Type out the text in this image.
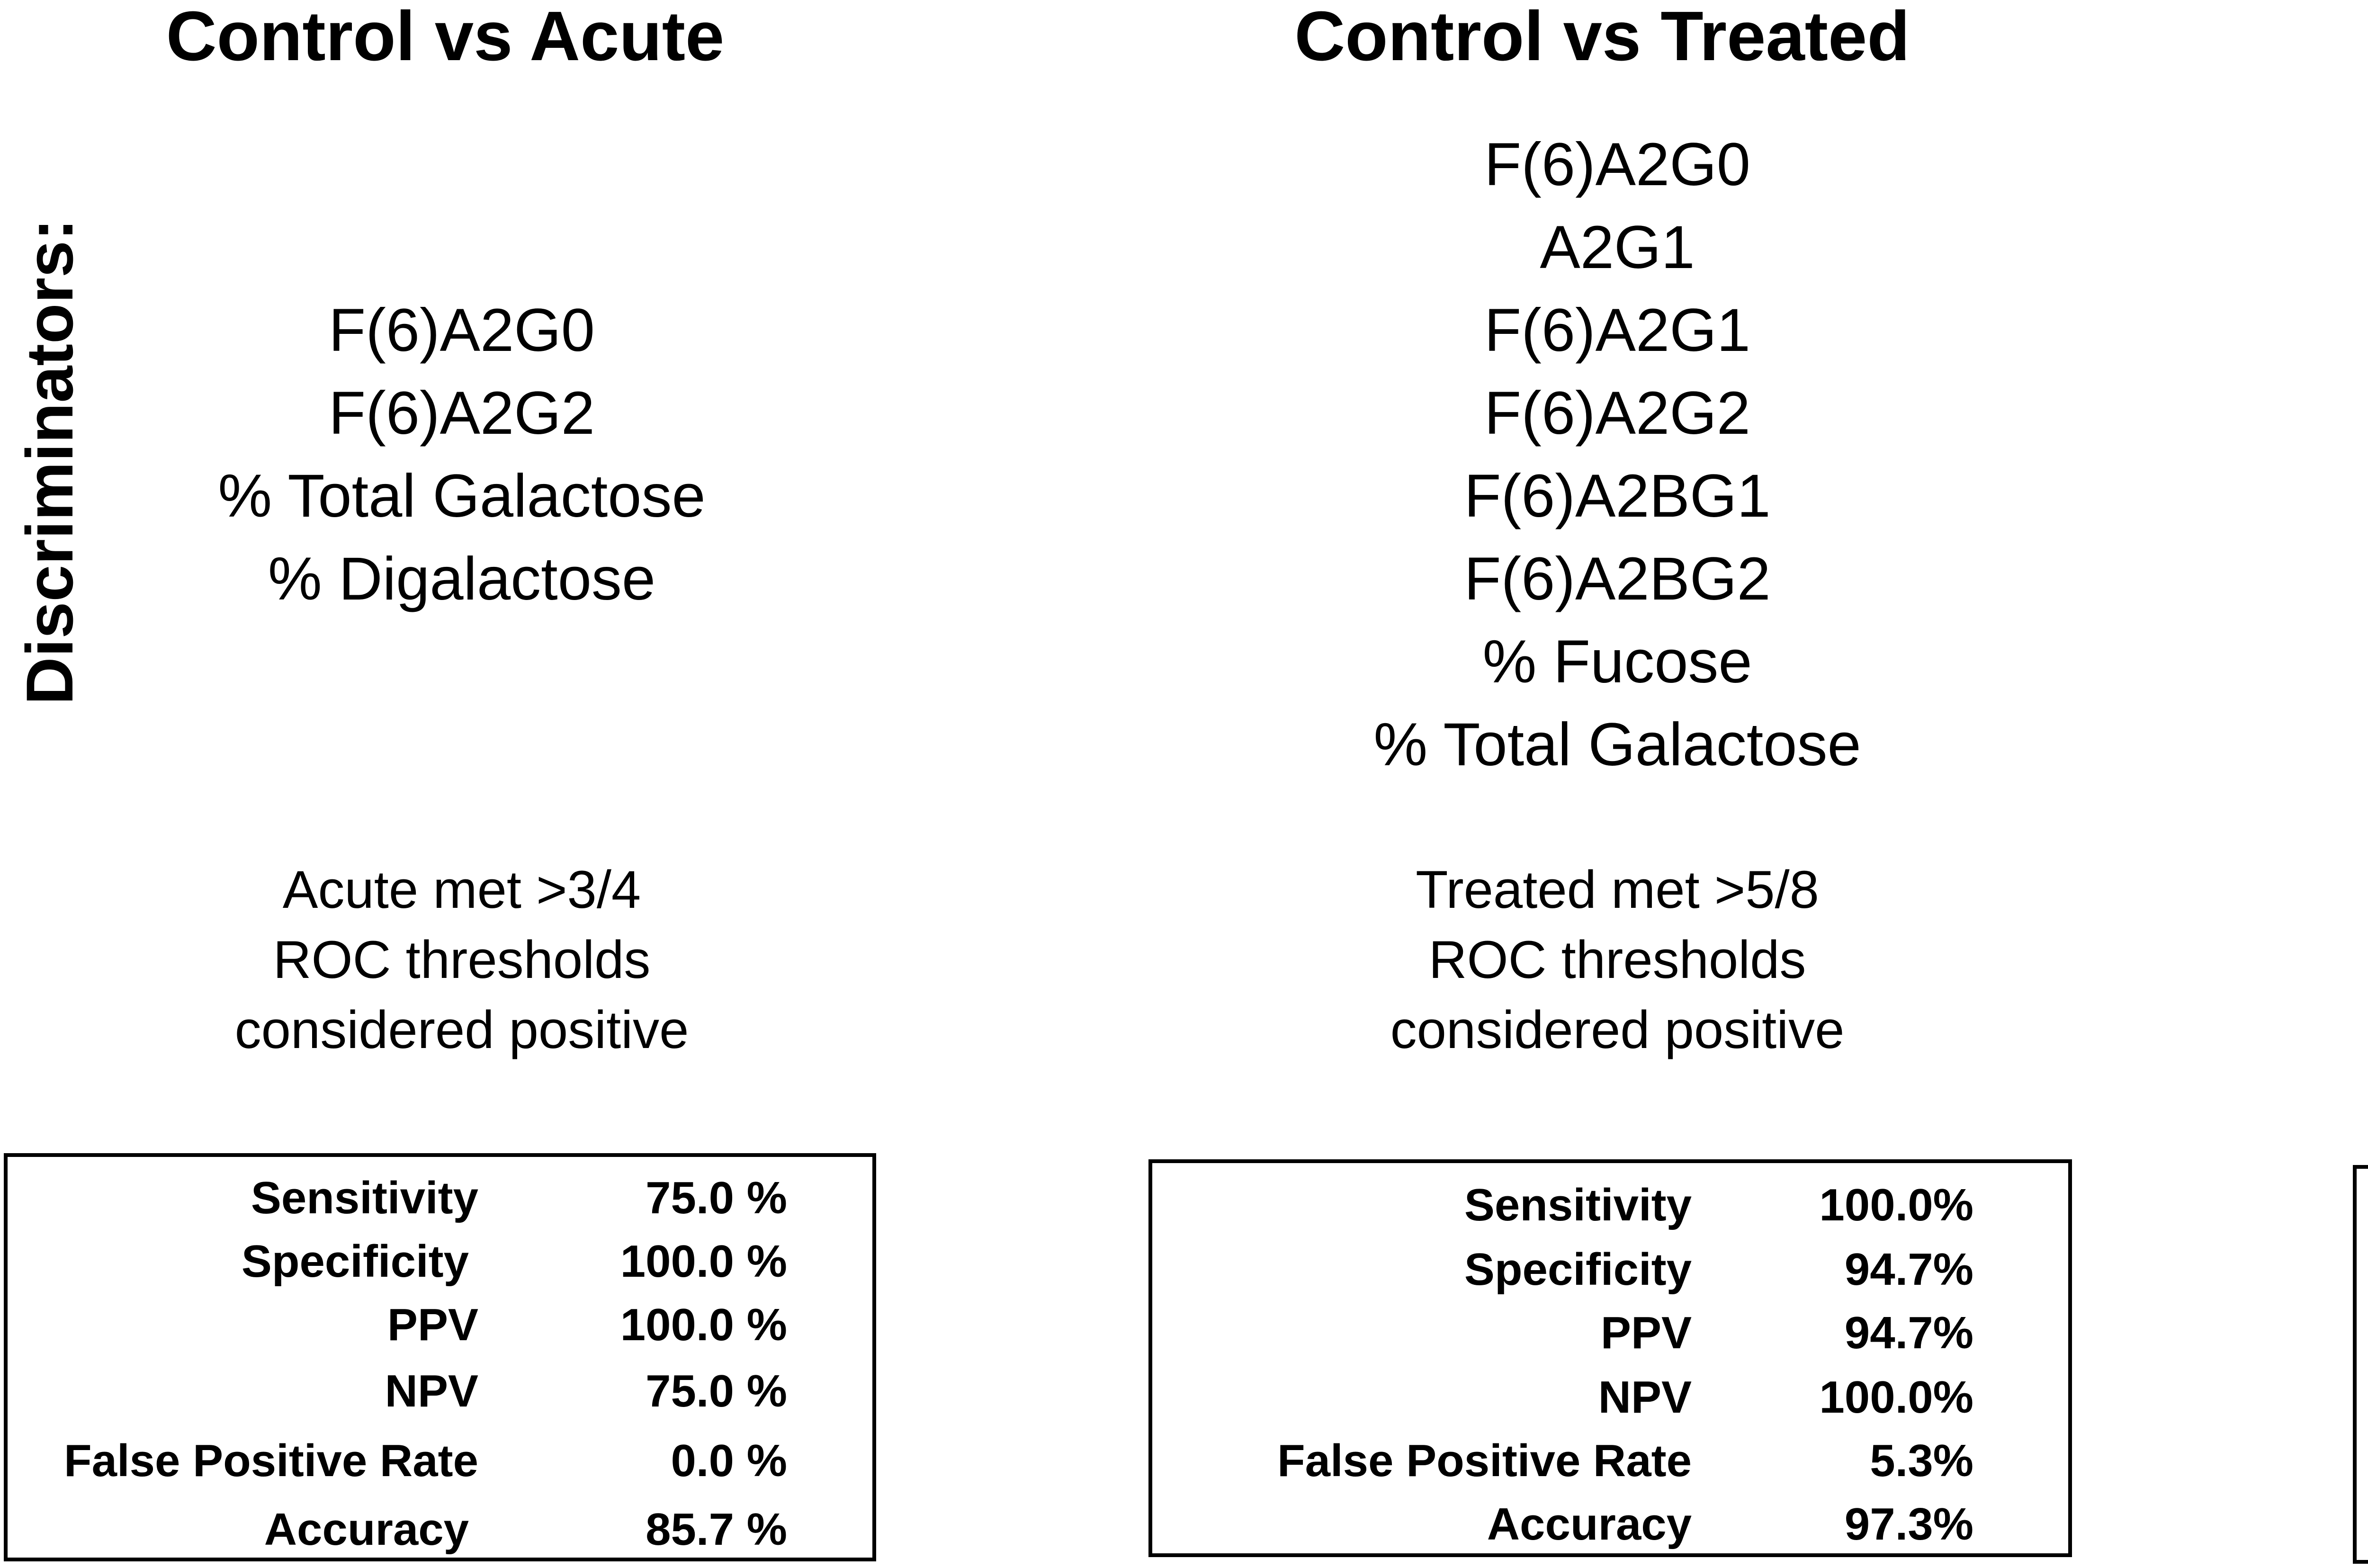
Discriminators:
Control vs Acute
F(6)A2G0
F(6)A2G2
% Total Galactose
% Digalactose
Acute met >3/4
ROC thresholds
considered positive
Sensitivity	75.0 %
Specificity	100.0 %
PPV	100.0 %
NPV	75.0 %
False Positive Rate	0.0 %
Accuracy	85.7 %
Control vs Treated
F(6)A2G0
A2G1
F(6)A2G1
F(6)A2G2
F(6)A2BG1
F(6)A2BG2
% Fucose
% Total Galactose
Treated met >5/8
ROC thresholds
considered positive
Sensitivity	100.0%
Specificity	94.7%
PPV	94.7%
NPV	100.0%
False Positive Rate	5.3%
Accuracy	97.3%
